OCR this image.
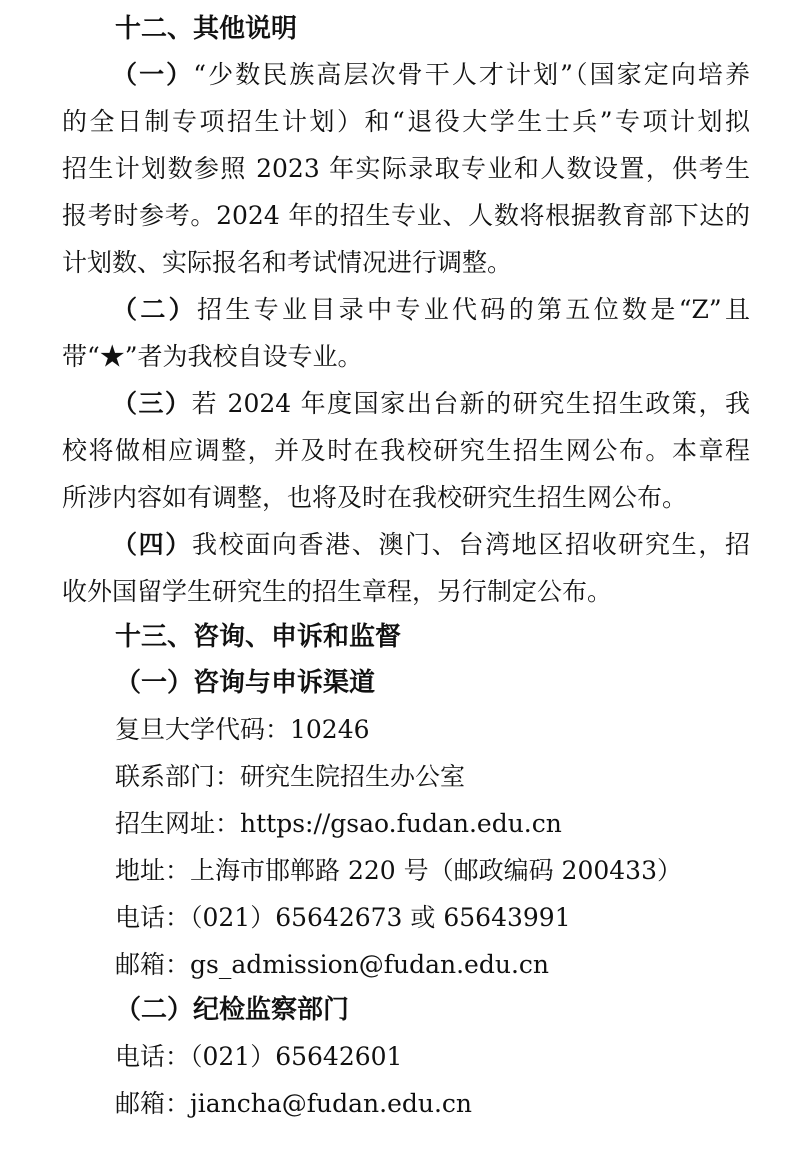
十二、其他说明
（一）“少数民族高层次骨干人才计划”（国家定向培养
的全日制专项招生计划）和“退役大学生士兵”专项计划拟
招生计划数参照 2023 年实际录取专业和人数设置，供考生
报考时参考。2024 年的招生专业、人数将根据教育部下达的
计划数、实际报名和考试情况进行调整。
（二）招生专业目录中专业代码的第五位数是“Z”且
带“★”者为我校自设专业。
（三）若 2024 年度国家出台新的研究生招生政策，我
校将做相应调整，并及时在我校研究生招生网公布。本章程
所涉内容如有调整，也将及时在我校研究生招生网公布。
（四）我校面向香港、澳门、台湾地区招收研究生，招
收外国留学生研究生的招生章程，另行制定公布。
十三、咨询、申诉和监督
（一）咨询与申诉渠道
复旦大学代码：10246
联系部门：研究生院招生办公室
招生网址：https://gsao.fudan.edu.cn
地址：上海市邯郸路 220 号（邮政编码 200433）
电话：（021）65642673 或 65643991
邮箱：gs_admission@fudan.edu.cn
（二）纪检监察部门
电话：（021）65642601
邮箱：jiancha@fudan.edu.cn
